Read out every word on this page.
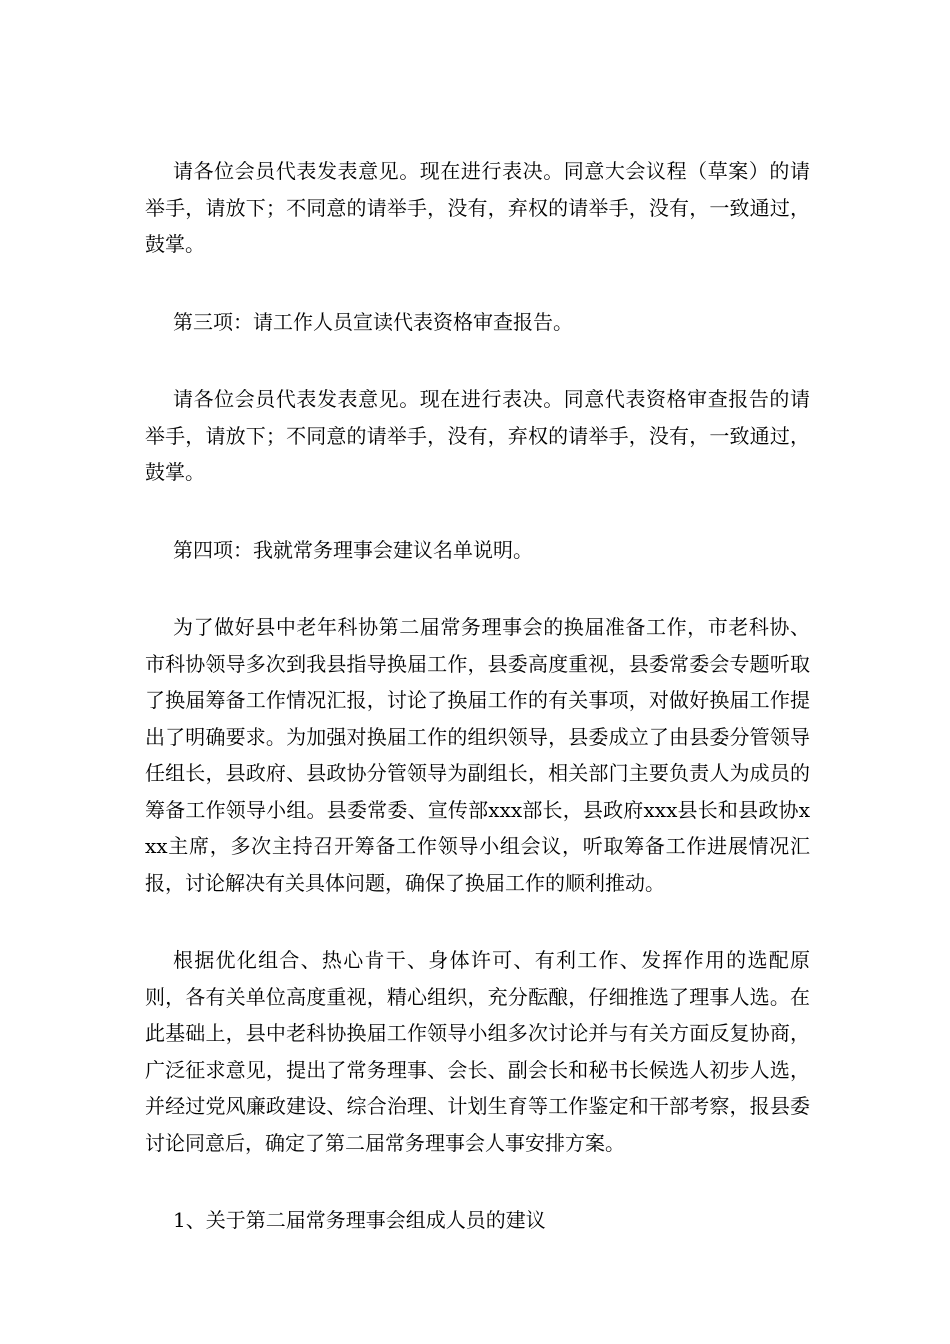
请各位会员代表发表意见。现在进行表决。同意大会议程（草案）的请举手，请放下；不同意的请举手，没有，弃权的请举手，没有，一致通过，鼓掌。

第三项：请工作人员宣读代表资格审查报告。

请各位会员代表发表意见。现在进行表决。同意代表资格审查报告的请举手，请放下；不同意的请举手，没有，弃权的请举手，没有，一致通过，鼓掌。

第四项：我就常务理事会建议名单说明。

为了做好县中老年科协第二届常务理事会的换届准备工作，市老科协、市科协领导多次到我县指导换届工作，县委高度重视，县委常委会专题听取了换届筹备工作情况汇报，讨论了换届工作的有关事项，对做好换届工作提出了明确要求。为加强对换届工作的组织领导，县委成立了由县委分管领导任组长，县政府、县政协分管领导为副组长，相关部门主要负责人为成员的筹备工作领导小组。县委常委、宣传部xxx部长，县政府xxx县长和县政协xxx主席，多次主持召开筹备工作领导小组会议，听取筹备工作进展情况汇报，讨论解决有关具体问题，确保了换届工作的顺利推动。

根据优化组合、热心肯干、身体许可、有利工作、发挥作用的选配原则，各有关单位高度重视，精心组织，充分酝酿，仔细推选了理事人选。在此基础上，县中老科协换届工作领导小组多次讨论并与有关方面反复协商，广泛征求意见，提出了常务理事、会长、副会长和秘书长候选人初步人选，并经过党风廉政建设、综合治理、计划生育等工作鉴定和干部考察，报县委讨论同意后，确定了第二届常务理事会人事安排方案。

1、关于第二届常务理事会组成人员的建议
